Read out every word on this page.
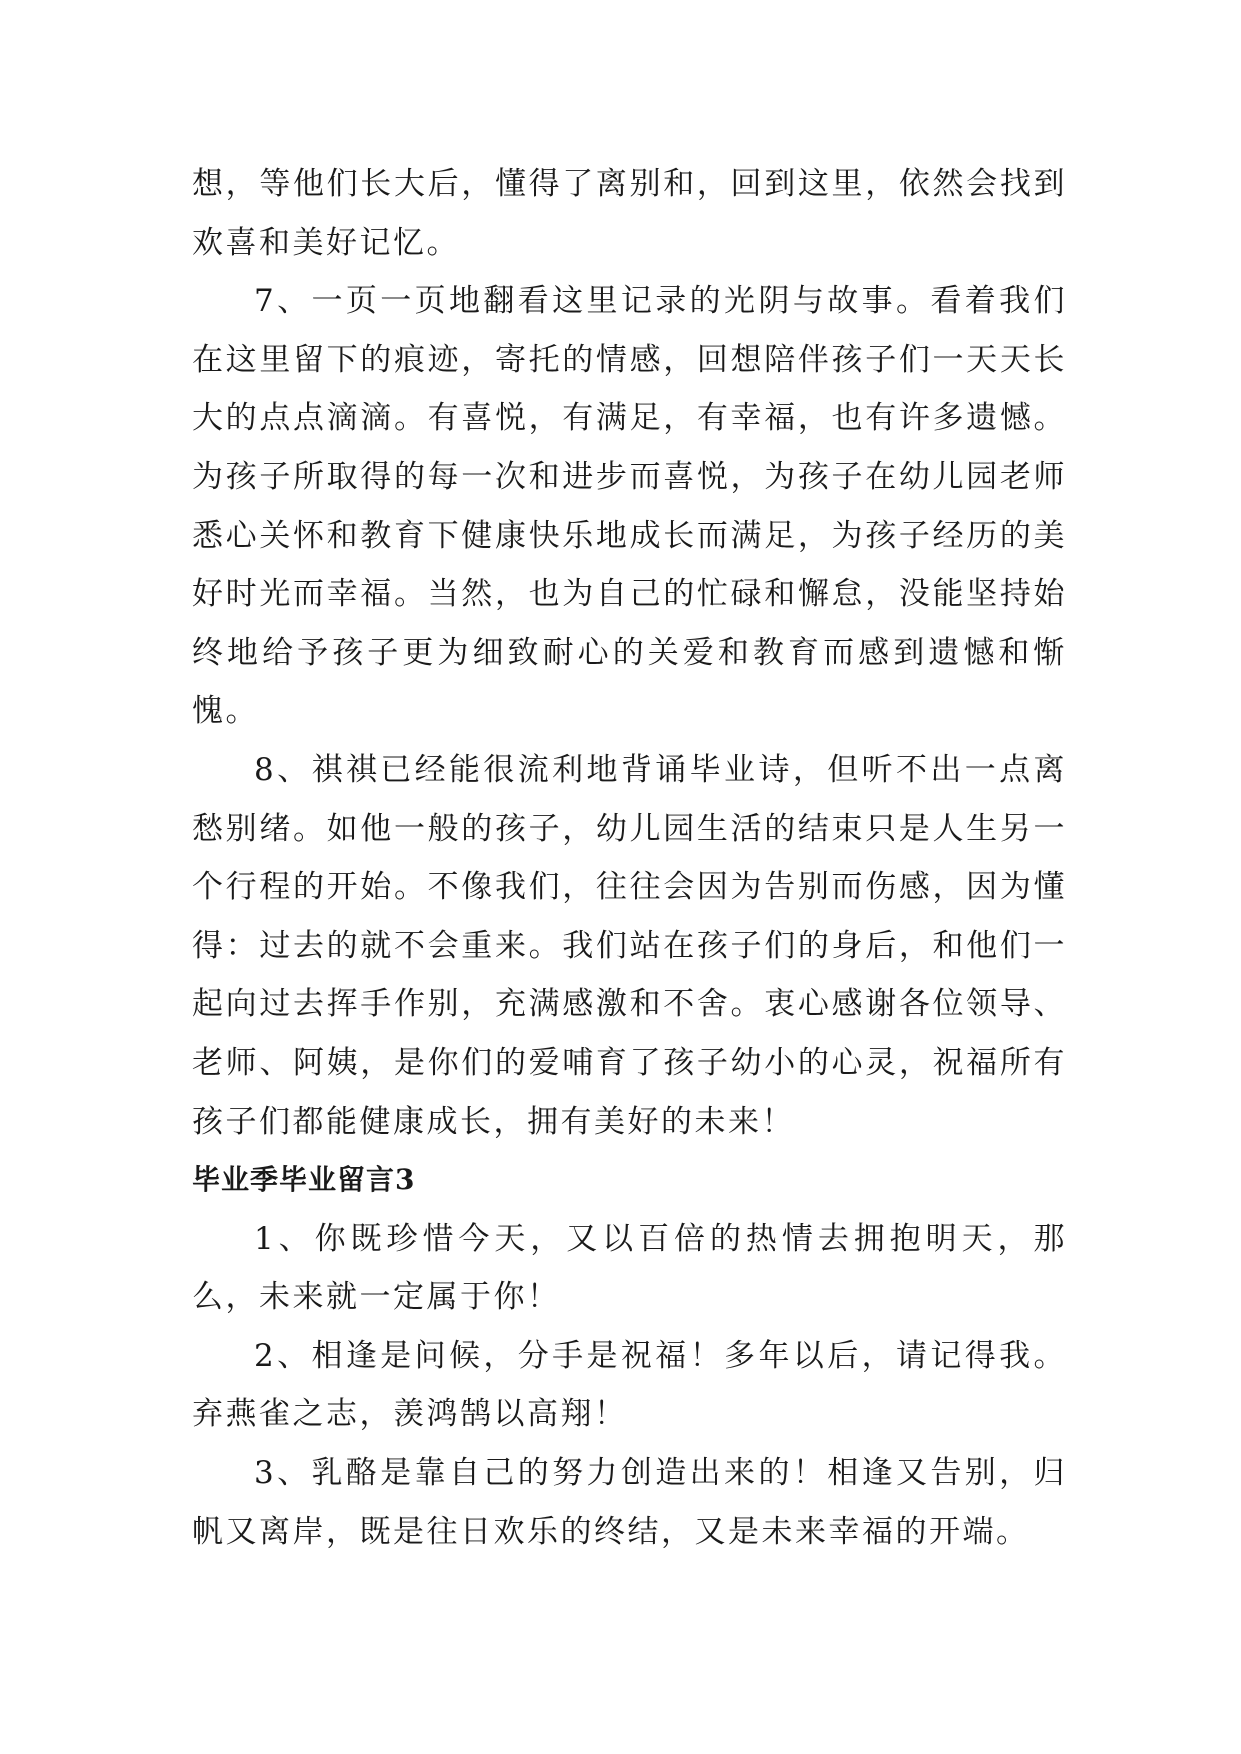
想，等他们长大后，懂得了离别和，回到这里，依然会找到欢喜和美好记忆。

7、一页一页地翻看这里记录的光阴与故事。看着我们在这里留下的痕迹，寄托的情感，回想陪伴孩子们一天天长大的点点滴滴。有喜悦，有满足，有幸福，也有许多遗憾。为孩子所取得的每一次和进步而喜悦，为孩子在幼儿园老师悉心关怀和教育下健康快乐地成长而满足，为孩子经历的美好时光而幸福。当然，也为自己的忙碌和懈怠，没能坚持始终地给予孩子更为细致耐心的关爱和教育而感到遗憾和惭愧。

8、祺祺已经能很流利地背诵毕业诗，但听不出一点离愁别绪。如他一般的孩子，幼儿园生活的结束只是人生另一个行程的开始。不像我们，往往会因为告别而伤感，因为懂得：过去的就不会重来。我们站在孩子们的身后，和他们一起向过去挥手作别，充满感激和不舍。衷心感谢各位领导、老师、阿姨，是你们的爱哺育了孩子幼小的心灵，祝福所有孩子们都能健康成长，拥有美好的未来！

毕业季毕业留言3

1、你既珍惜今天，又以百倍的热情去拥抱明天，那么，未来就一定属于你！

2、相逢是问候，分手是祝福！多年以后，请记得我。弃燕雀之志，羡鸿鹄以高翔！

3、乳酪是靠自己的努力创造出来的！相逢又告别，归帆又离岸，既是往日欢乐的终结，又是未来幸福的开端。
